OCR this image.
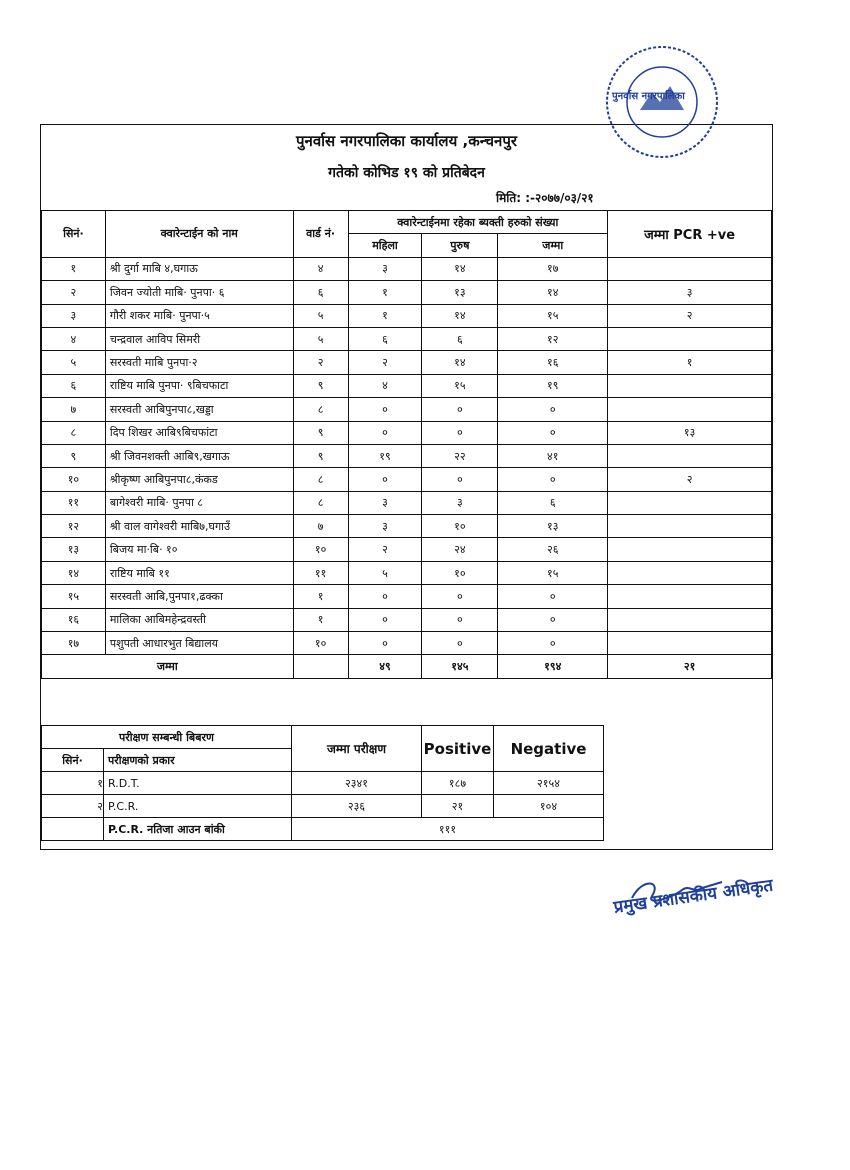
पुनर्वास नगरपालिका कार्यालय ,कन्चनपुर
गतेको कोभिड १९ को प्रतिबेदन
मिति: :-२०७७/०३/२१
सिनं·	क्वारेन्टाईन को नाम	वार्ड नं·	क्वारेन्टाईनमा रहेका ब्यक्ती हरुको संख्या			जम्मा PCR +ve
			महिला	पुरुष	जम्मा	
१	श्री दुर्गा माबि ४,घगाऊ	४	३	१४	१७	
२	जिवन ज्योती माबि· पुनपा· ६	६	१	१३	१४	३
३	गौरी शकर माबि· पुनपा·५	५	१	१४	१५	२
४	चन्द्रवाल आविप सिमरी	५	६	६	१२	
५	सरस्वती माबि पुनपा·२	२	२	१४	१६	१
६	राष्टिय माबि पुनपा· ९बिचफाटा	९	४	१५	१९	
७	सरस्वती आबिपुनपा८,खड्डा	८	०	०	०	
८	दिप शिखर आबि९बिचफांटा	९	०	०	०	१३
९	श्री जिवनशक्ती आबि९,खगाऊ	९	१९	२२	४१	
१०	श्रीकृष्ण आबिपुनपा८,कंकड	८	०	०	०	२
११	बागेश्वरी माबि· पुनपा ८	८	३	३	६	
१२	श्री वाल वागेश्वरी माबि७,घगाउँ	७	३	१०	१३	
१३	बिजय मा·बि· १०	१०	२	२४	२६	
१४	राष्टिय माबि ११	११	५	१०	१५	
१५	सरस्वती आबि,पुनपा१,ढक्का	१	०	०	०	
१६	मालिका आबिमहेन्द्रवस्ती	१	०	०	०	
१७	पशुपती आधारभुत बिद्यालय	१०	०	०	०	
जम्मा			४९	१४५	१९४	२१
परीक्षण सम्बन्धी बिबरण		जम्मा परीक्षण	Positive	Negative
सिनं·	परीक्षणको प्रकार			
१	R.D.T.	२३४१	१८७	२१५४
२	P.C.R.	२३६	२१	१०४
	P.C.R. नतिजा आउन बांकी	१११		
पुनर्वास नगरपालिका
प्रमुख प्रशासकीय अधिकृत
